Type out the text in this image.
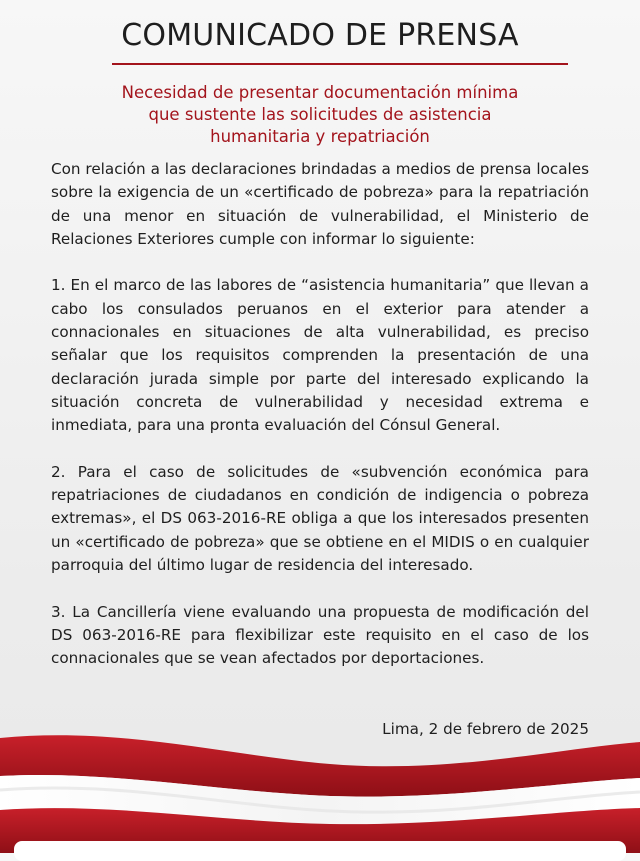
COMUNICADO DE PRENSA
Necesidad de presentar documentación mínima
que sustente las solicitudes de asistencia
humanitaria y repatriación

Con relación a las declaraciones brindadas a medios de prensa locales sobre la exigencia de un «certificado de pobreza» para la repatriación de una menor en situación de vulnerabilidad, el Ministerio de Relaciones Exteriores cumple con informar lo siguiente:

1. En el marco de las labores de “asistencia humanitaria” que llevan a cabo los consulados peruanos en el exterior para atender a connacionales en situaciones de alta vulnerabilidad, es preciso señalar que los requisitos comprenden la presentación de una declaración jurada simple por parte del interesado explicando la situación concreta de vulnerabilidad y necesidad extrema e inmediata, para una pronta evaluación del Cónsul General.

2. Para el caso de solicitudes de «subvención económica para repatriaciones de ciudadanos en condición de indigencia o pobreza extremas», el DS 063-2016-RE obliga a que los interesados presenten un «certificado de pobreza» que se obtiene en el MIDIS o en cualquier parroquia del último lugar de residencia del interesado.

3. La Cancillería viene evaluando una propuesta de modificación del DS 063-2016-RE para flexibilizar este requisito en el caso de los connacionales que se vean afectados por deportaciones.

Lima, 2 de febrero de 2025
